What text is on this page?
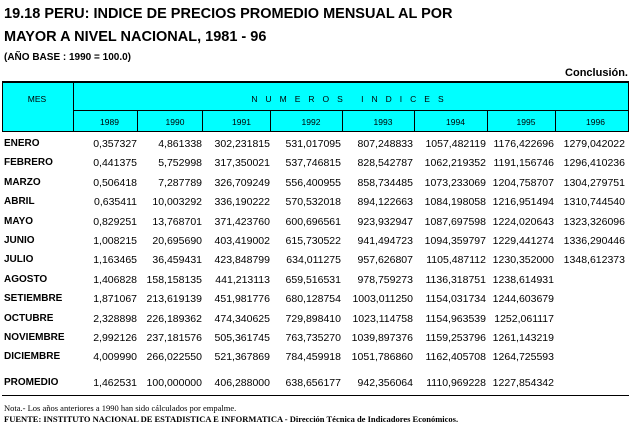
19.18 PERU: INDICE DE PRECIOS PROMEDIO MENSUAL AL POR
MAYOR A NIVEL NACIONAL, 1981 - 96
(AÑO BASE : 1990 = 100.0)
Conclusión.
MES	NUMEROS INDICES
1989	1990	1991	1992	1993	1994	1995	1996
ENERO	0,357327 4,861338 302,231815 531,017095 807,248833 1057,482119 1176,422696 1279,042022
FEBRERO	0,441375 5,752998 317,350021 537,746815 828,542787 1062,219352 1191,156746 1296,410236
MARZO	0,506418 7,287789 326,709249 556,400955 858,734485 1073,233069 1204,758707 1304,279751
ABRIL	0,635411 10,003292 336,190222 570,532018 894,122663 1084,198058 1216,951494 1310,744540
MAYO	0,829251 13,768701 371,423760 600,696561 923,932947 1087,697598 1224,020643 1323,326096
JUNIO	1,008215 20,695690 403,419002 615,730522 941,494723 1094,359797 1229,441274 1336,290446
JULIO	1,163465 36,459431 423,848799 634,011275 957,626807 1105,487112 1230,352000 1348,612373
AGOSTO	1,406828 158,158135 441,213113 659,516531 978,759273 1136,318751 1238,614931
SETIEMBRE	1,871067 213,619139 451,981776 680,128754 1003,011250 1154,031734 1244,603679
OCTUBRE	2,328898 226,189362 474,340625 729,898410 1023,114758 1154,963539 1252,061117
NOVIEMBRE	2,992126 237,181576 505,361745 763,735270 1039,897376 1159,253796 1261,143219
DICIEMBRE	4,009990 266,022550 521,367869 784,459918 1051,786860 1162,405708 1264,725593
PROMEDIO	1,462531 100,000000 406,288000 638,656177 942,356064 1110,969228 1227,854342
Nota.- Los años anteriores a 1990 han sido cálculados por empalme.
FUENTE: INSTITUTO NACIONAL DE ESTADISTICA E INFORMATICA - Dirección Técnica de Indicadores Económicos.
